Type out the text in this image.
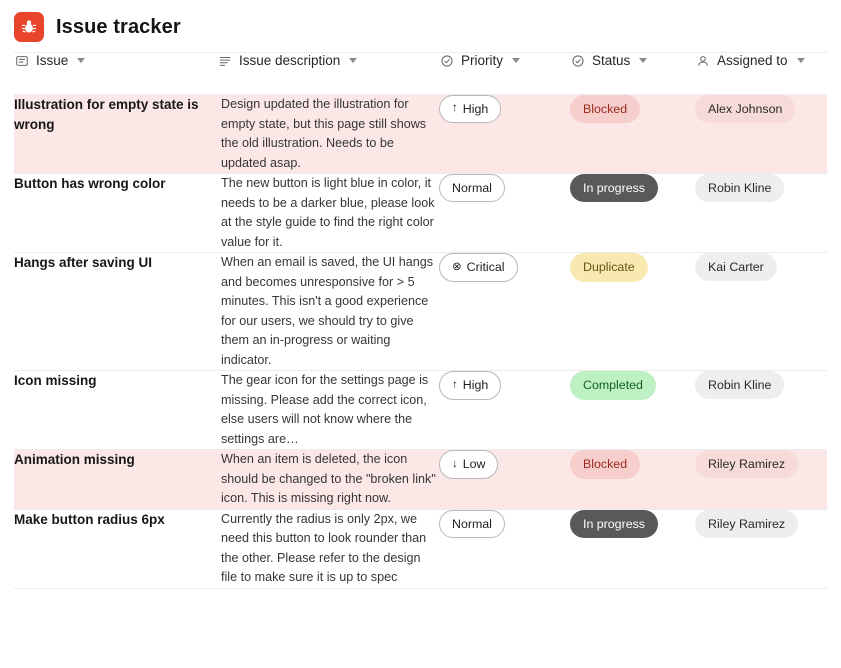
Issue tracker
Issue	Issue description	Priority	Status	Assigned to

Illustration for empty state is wrong	Design updated the illustration for empty state, but this page still shows the old illustration. Needs to be updated asap.	↑ High	Blocked	Alex Johnson

Button has wrong color	The new button is light blue in color, it needs to be a darker blue, please look at the style guide to find the right color value for it.	Normal	In progress	Robin Kline

Hangs after saving UI	When an email is saved, the UI hangs and becomes unresponsive for > 5 minutes. This isn't a good experience for our users, we should try to give them an in-progress or waiting indicator.	⊗ Critical	Duplicate	Kai Carter

Icon missing	The gear icon for the settings page is missing. Please add the correct icon, else users will not know where the settings are…	↑ High	Completed	Robin Kline

Animation missing	When an item is deleted, the icon should be changed to the "broken link" icon. This is missing right now.	↓ Low	Blocked	Riley Ramirez

Make button radius 6px	Currently the radius is only 2px, we need this button to look rounder than the other. Please refer to the design file to make sure it is up to spec	Normal	In progress	Riley Ramirez
